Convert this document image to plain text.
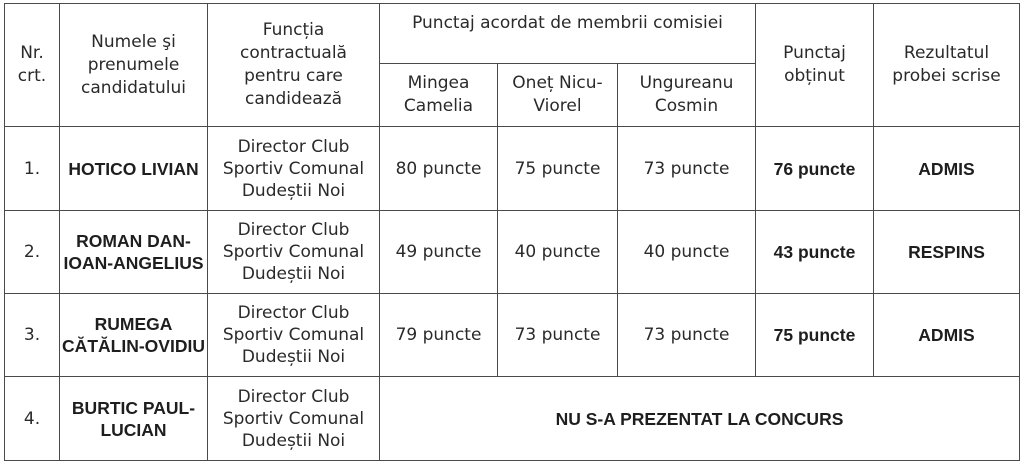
Nr. crt.	Numele şi prenumele candidatului	Funcția contractuală pentru care candidează	Punctaj acordat de membrii comisiei			Punctaj obținut	Rezultatul probei scrise
			Mingea Camelia	Oneț Nicu-Viorel	Ungureanu Cosmin		
1.	HOTICO LIVIAN	Director Club Sportiv Comunal Dudeștii Noi	80 puncte	75 puncte	73 puncte	76 puncte	ADMIS
2.	ROMAN DAN-IOAN-ANGELIUS	Director Club Sportiv Comunal Dudeștii Noi	49 puncte	40 puncte	40 puncte	43 puncte	RESPINS
3.	RUMEGA CĂTĂLIN-OVIDIU	Director Club Sportiv Comunal Dudeștii Noi	79 puncte	73 puncte	73 puncte	75 puncte	ADMIS
4.	BURTIC PAUL-LUCIAN	Director Club Sportiv Comunal Dudeștii Noi	NU S-A PREZENTAT LA CONCURS				
